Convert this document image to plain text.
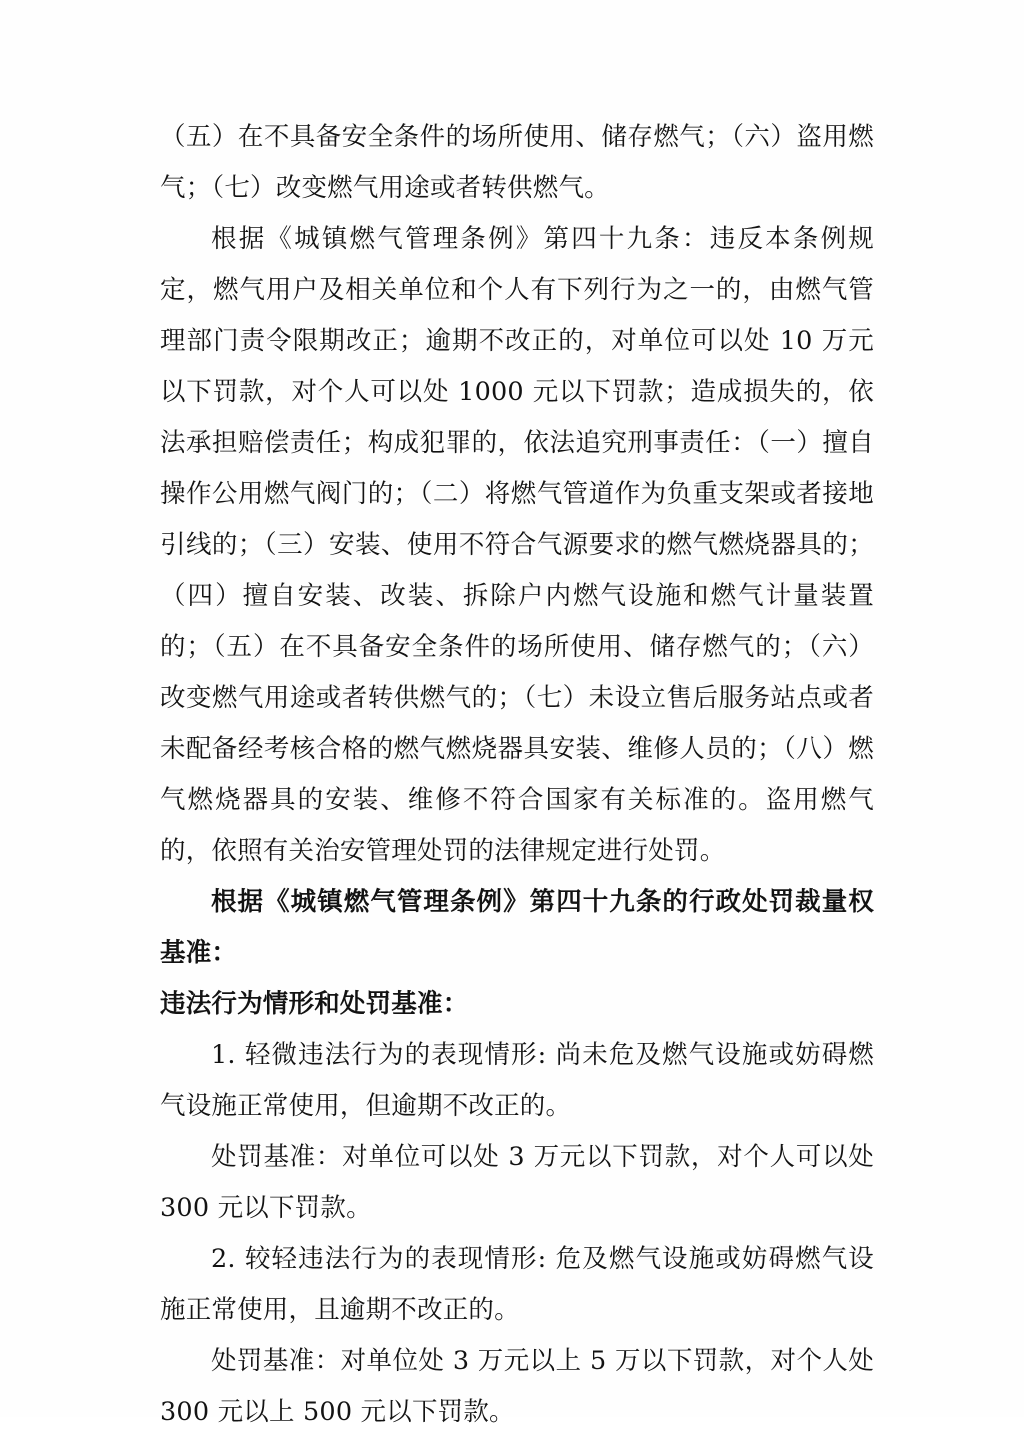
（五）在不具备安全条件的场所使用、储存燃气；（六）盗用燃气；（七）改变燃气用途或者转供燃气。

根据《城镇燃气管理条例》第四十九条：违反本条例规定，燃气用户及相关单位和个人有下列行为之一的，由燃气管理部门责令限期改正；逾期不改正的，对单位可以处 10 万元以下罚款，对个人可以处 1000 元以下罚款；造成损失的，依法承担赔偿责任；构成犯罪的，依法追究刑事责任：（一）擅自操作公用燃气阀门的；（二）将燃气管道作为负重支架或者接地引线的；（三）安装、使用不符合气源要求的燃气燃烧器具的；（四）擅自安装、改装、拆除户内燃气设施和燃气计量装置的；（五）在不具备安全条件的场所使用、储存燃气的；（六）改变燃气用途或者转供燃气的；（七）未设立售后服务站点或者未配备经考核合格的燃气燃烧器具安装、维修人员的；（八）燃气燃烧器具的安装、维修不符合国家有关标准的。盗用燃气的，依照有关治安管理处罚的法律规定进行处罚。

根据《城镇燃气管理条例》第四十九条的行政处罚裁量权基准：

违法行为情形和处罚基准：

1. 轻微违法行为的表现情形: 尚未危及燃气设施或妨碍燃气设施正常使用，但逾期不改正的。

处罚基准：对单位可以处 3 万元以下罚款，对个人可以处 300 元以下罚款。

2. 较轻违法行为的表现情形: 危及燃气设施或妨碍燃气设施正常使用，且逾期不改正的。

处罚基准：对单位处 3 万元以上 5 万以下罚款，对个人处 300 元以上 500 元以下罚款。
